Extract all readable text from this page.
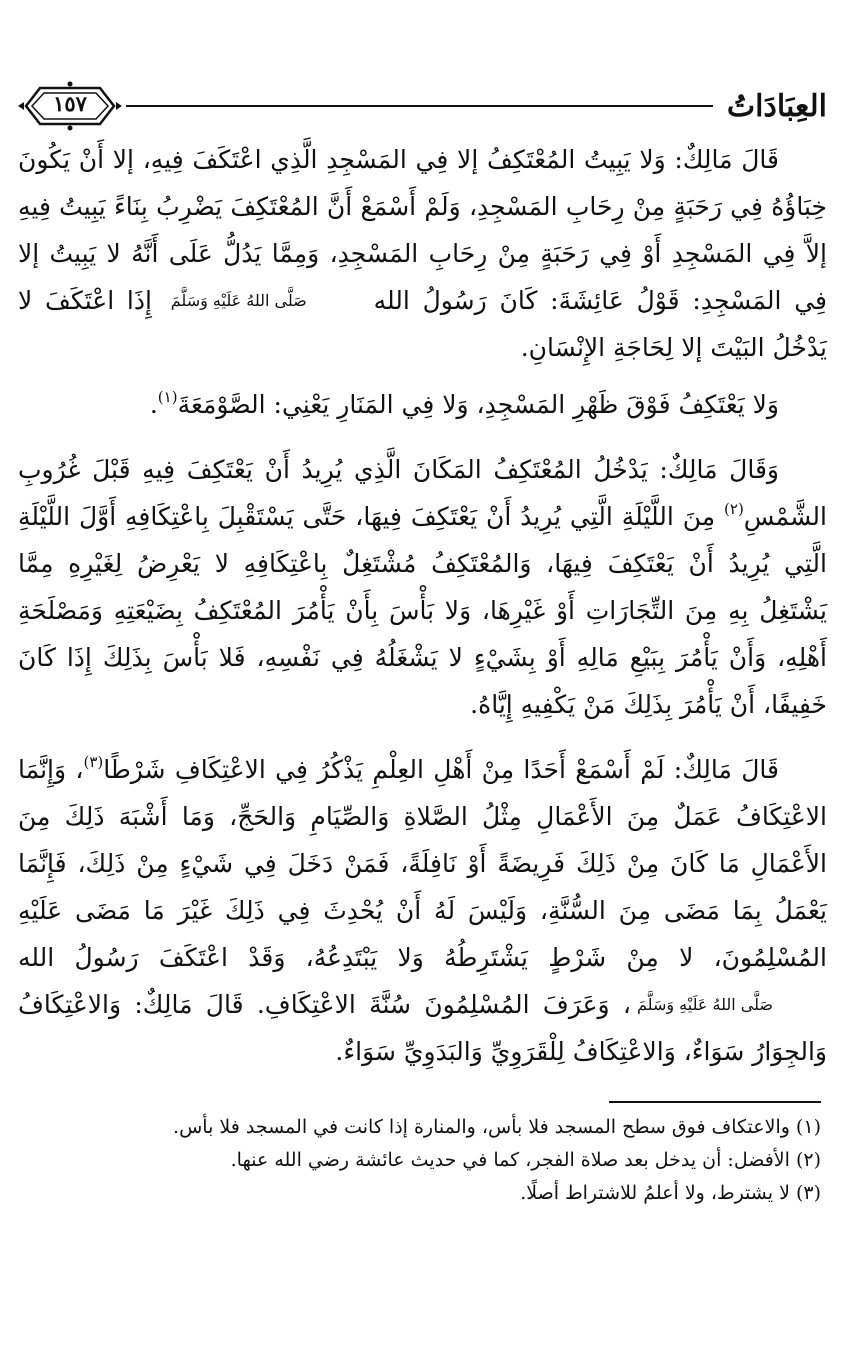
العِبَادَاتُ
١٥٧

قَالَ مَالِكٌ: وَلا يَبِيتُ المُعْتَكِفُ إلا فِي المَسْجِدِ الَّذِي اعْتَكَفَ فِيهِ، إلا أَنْ يَكُونَ خِبَاؤُهُ فِي رَحَبَةٍ مِنْ رِحَابِ المَسْجِدِ، وَلَمْ أَسْمَعْ أَنَّ المُعْتَكِفَ يَضْرِبُ بِنَاءً يَبِيتُ فِيهِ إلاَّ فِي المَسْجِدِ أَوْ فِي رَحَبَةٍ مِنْ رِحَابِ المَسْجِدِ، وَمِمَّا يَدُلُّ عَلَى أَنَّهُ لا يَبِيتُ إلا فِي المَسْجِدِ: قَوْلُ عَائِشَةَ: كَانَ رَسُولُ الله صَلَّى اللهُ عَلَيْهِ وَسَلَّمَ إِذَا اعْتَكَفَ لا يَدْخُلُ البَيْتَ إلا لِحَاجَةِ الإِنْسَانِ.

وَلا يَعْتَكِفُ فَوْقَ ظَهْرِ المَسْجِدِ، وَلا فِي المَنَارِ يَعْنِي: الصَّوْمَعَةَ$^{(١)}$.

وَقَالَ مَالِكٌ: يَدْخُلُ المُعْتَكِفُ المَكَانَ الَّذِي يُرِيدُ أَنْ يَعْتَكِفَ فِيهِ قَبْلَ غُرُوبِ الشَّمْسِ$^{(٢)}$ مِنَ اللَّيْلَةِ الَّتِي يُرِيدُ أَنْ يَعْتَكِفَ فِيهَا، حَتَّى يَسْتَقْبِلَ بِاعْتِكَافِهِ أَوَّلَ اللَّيْلَةِ الَّتِي يُرِيدُ أَنْ يَعْتَكِفَ فِيهَا، وَالمُعْتَكِفُ مُشْتَغِلٌ بِاعْتِكَافِهِ لا يَعْرِضُ لِغَيْرِهِ مِمَّا يَشْتَغِلُ بِهِ مِنَ التِّجَارَاتِ أَوْ غَيْرِهَا، وَلا بَأْسَ بِأَنْ يَأْمُرَ المُعْتَكِفُ بِضَيْعَتِهِ وَمَصْلَحَةِ أَهْلِهِ، وَأَنْ يَأْمُرَ بِبَيْعِ مَالِهِ أَوْ بِشَيْءٍ لا يَشْغَلُهُ فِي نَفْسِهِ، فَلا بَأْسَ بِذَلِكَ إِذَا كَانَ خَفِيفًا، أَنْ يَأْمُرَ بِذَلِكَ مَنْ يَكْفِيهِ إِيَّاهُ.

قَالَ مَالِكٌ: لَمْ أَسْمَعْ أَحَدًا مِنْ أَهْلِ العِلْمِ يَذْكُرُ فِي الاعْتِكَافِ شَرْطًا$^{(٣)}$، وَإِنَّمَا الاعْتِكَافُ عَمَلٌ مِنَ الأَعْمَالِ مِثْلُ الصَّلاةِ وَالصِّيَامِ وَالحَجِّ، وَمَا أَشْبَهَ ذَلِكَ مِنَ الأَعْمَالِ مَا كَانَ مِنْ ذَلِكَ فَرِيضَةً أَوْ نَافِلَةً، فَمَنْ دَخَلَ فِي شَيْءٍ مِنْ ذَلِكَ، فَإِنَّمَا يَعْمَلُ بِمَا مَضَى مِنَ السُّنَّةِ، وَلَيْسَ لَهُ أَنْ يُحْدِثَ فِي ذَلِكَ غَيْرَ مَا مَضَى عَلَيْهِ المُسْلِمُونَ، لا مِنْ شَرْطٍ يَشْتَرِطُهُ وَلا يَبْتَدِعُهُ، وَقَدْ اعْتَكَفَ رَسُولُ الله صَلَّى اللهُ عَلَيْهِ وَسَلَّمَ، وَعَرَفَ المُسْلِمُونَ سُنَّةَ الاعْتِكَافِ. قَالَ مَالِكٌ: وَالاعْتِكَافُ وَالجِوَارُ سَوَاءٌ، وَالاعْتِكَافُ لِلْقَرَوِيِّ وَالبَدَوِيِّ سَوَاءٌ.

(١) والاعتكاف فوق سطح المسجد فلا بأس، والمنارة إذا كانت في المسجد فلا بأس.

(٢) الأفضل: أن يدخل بعد صلاة الفجر، كما في حديث عائشة رضي الله عنها.

(٣) لا يشترط، ولا أعلمُ للاشتراط أصلًا.
